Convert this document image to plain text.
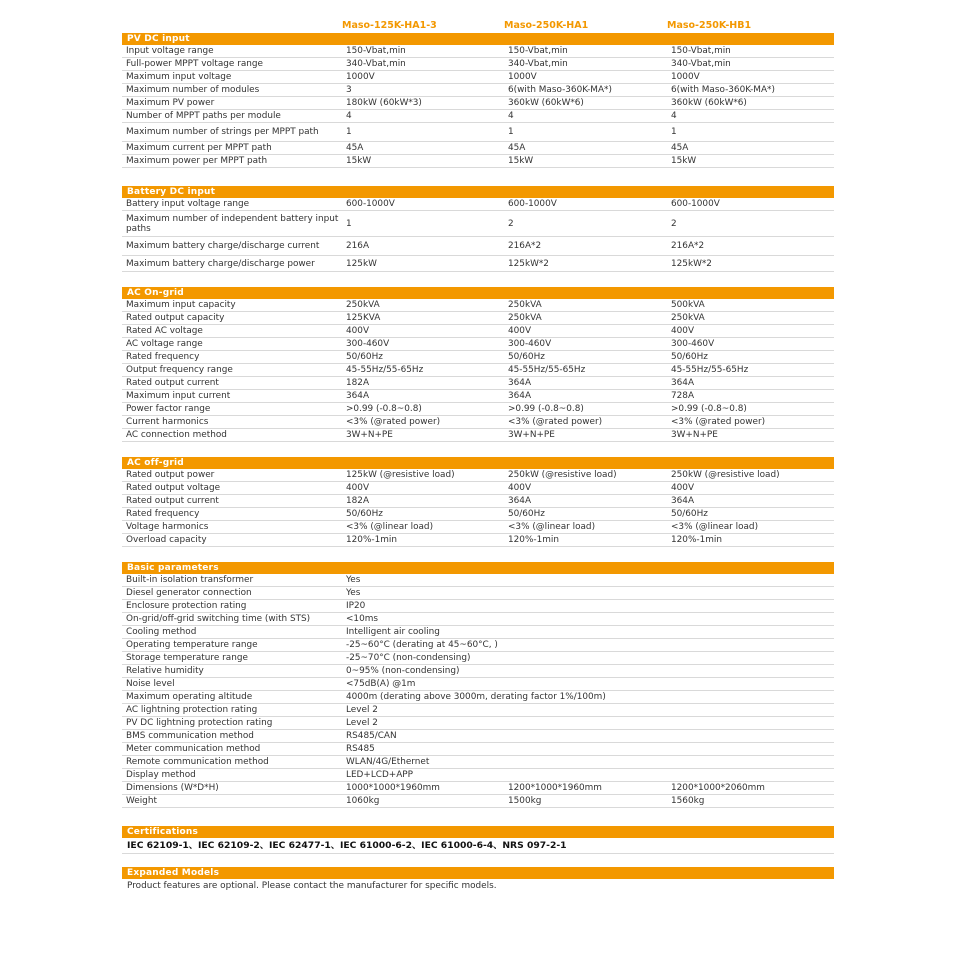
Maso-125K-HA1-3	Maso-250K-HA1	Maso-250K-HB1
PV DC input
Input voltage range	150-Vbat,min	150-Vbat,min	150-Vbat,min
Full-power MPPT voltage range	340-Vbat,min	340-Vbat,min	340-Vbat,min
Maximum input voltage	1000V	1000V	1000V
Maximum number of modules	3	6(with Maso-360K-MA*)	6(with Maso-360K-MA*)
Maximum PV power	180kW (60kW*3)	360kW (60kW*6)	360kW (60kW*6)
Number of MPPT paths per module	4	4	4
Maximum number of strings per MPPT path	1	1	1
Maximum current per MPPT path	45A	45A	45A
Maximum power per MPPT path	15kW	15kW	15kW
Battery DC input
Battery input voltage range	600-1000V	600-1000V	600-1000V
Maximum number of independent battery input paths	1	2	2
Maximum battery charge/discharge current	216A	216A*2	216A*2
Maximum battery charge/discharge power	125kW	125kW*2	125kW*2
AC On-grid
Maximum input capacity	250kVA	250kVA	500kVA
Rated output capacity	125KVA	250kVA	250kVA
Rated AC voltage	400V	400V	400V
AC voltage range	300-460V	300-460V	300-460V
Rated frequency	50/60Hz	50/60Hz	50/60Hz
Output frequency range	45-55Hz/55-65Hz	45-55Hz/55-65Hz	45-55Hz/55-65Hz
Rated output current	182A	364A	364A
Maximum input current	364A	364A	728A
Power factor range	>0.99 (-0.8~0.8)	>0.99 (-0.8~0.8)	>0.99 (-0.8~0.8)
Current harmonics	<3% (@rated power)	<3% (@rated power)	<3% (@rated power)
AC connection method	3W+N+PE	3W+N+PE	3W+N+PE
AC off-grid
Rated output power	125kW (@resistive load)	250kW (@resistive load)	250kW (@resistive load)
Rated output voltage	400V	400V	400V
Rated output current	182A	364A	364A
Rated frequency	50/60Hz	50/60Hz	50/60Hz
Voltage harmonics	<3% (@linear load)	<3% (@linear load)	<3% (@linear load)
Overload capacity	120%-1min	120%-1min	120%-1min
Basic parameters
Built-in isolation transformer	Yes
Diesel generator connection	Yes
Enclosure protection rating	IP20
On-grid/off-grid switching time (with STS)	<10ms
Cooling method	Intelligent air cooling
Operating temperature range	-25~60°C (derating at 45~60°C, )
Storage temperature range	-25~70°C (non-condensing)
Relative humidity	0~95% (non-condensing)
Noise level	<75dB(A) @1m
Maximum operating altitude	4000m (derating above 3000m, derating factor 1%/100m)
AC lightning protection rating	Level 2
PV DC lightning protection rating	Level 2
BMS communication method	RS485/CAN
Meter communication method	RS485
Remote communication method	WLAN/4G/Ethernet
Display method	LED+LCD+APP
Dimensions (W*D*H)	1000*1000*1960mm	1200*1000*1960mm	1200*1000*2060mm
Weight	1060kg	1500kg	1560kg
Certifications
IEC 62109-1、IEC 62109-2、IEC 62477-1、IEC 61000-6-2、IEC 61000-6-4、NRS 097-2-1
Expanded Models
Product features are optional. Please contact the manufacturer for specific models.
